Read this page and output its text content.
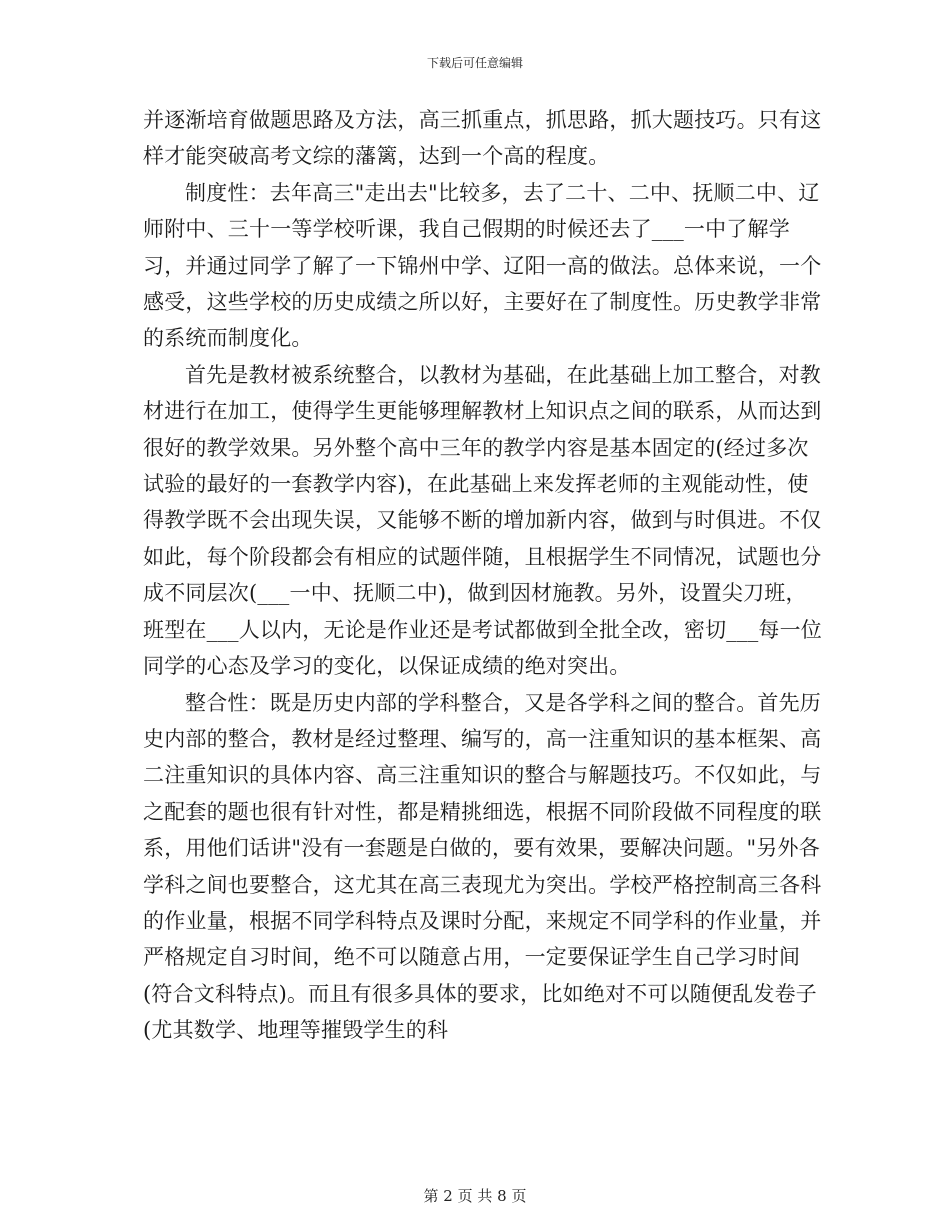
下载后可任意编辑

并逐渐培育做题思路及方法，高三抓重点，抓思路，抓大题技巧。只有这样才能突破高考文综的藩篱，达到一个高的程度。

制度性：去年高三"走出去"比较多，去了二十、二中、抚顺二中、辽师附中、三十一等学校听课，我自己假期的时候还去了___一中了解学习，并通过同学了解了一下锦州中学、辽阳一高的做法。总体来说，一个感受，这些学校的历史成绩之所以好，主要好在了制度性。历史教学非常的系统而制度化。

首先是教材被系统整合，以教材为基础，在此基础上加工整合，对教材进行在加工，使得学生更能够理解教材上知识点之间的联系，从而达到很好的教学效果。另外整个高中三年的教学内容是基本固定的(经过多次试验的最好的一套教学内容)，在此基础上来发挥老师的主观能动性，使得教学既不会出现失误，又能够不断的增加新内容，做到与时俱进。不仅如此，每个阶段都会有相应的试题伴随，且根据学生不同情况，试题也分成不同层次(___一中、抚顺二中)，做到因材施教。另外，设置尖刀班，班型在___人以内，无论是作业还是考试都做到全批全改，密切___每一位同学的心态及学习的变化，以保证成绩的绝对突出。

整合性：既是历史内部的学科整合，又是各学科之间的整合。首先历史内部的整合，教材是经过整理、编写的，高一注重知识的基本框架、高二注重知识的具体内容、高三注重知识的整合与解题技巧。不仅如此，与之配套的题也很有针对性，都是精挑细选，根据不同阶段做不同程度的联系，用他们话讲"没有一套题是白做的，要有效果，要解决问题。"另外各学科之间也要整合，这尤其在高三表现尤为突出。学校严格控制高三各科的作业量，根据不同学科特点及课时分配，来规定不同学科的作业量，并严格规定自习时间，绝不可以随意占用，一定要保证学生自己学习时间(符合文科特点)。而且有很多具体的要求，比如绝对不可以随便乱发卷子(尤其数学、地理等摧毁学生的科

第 2 页 共 8 页
